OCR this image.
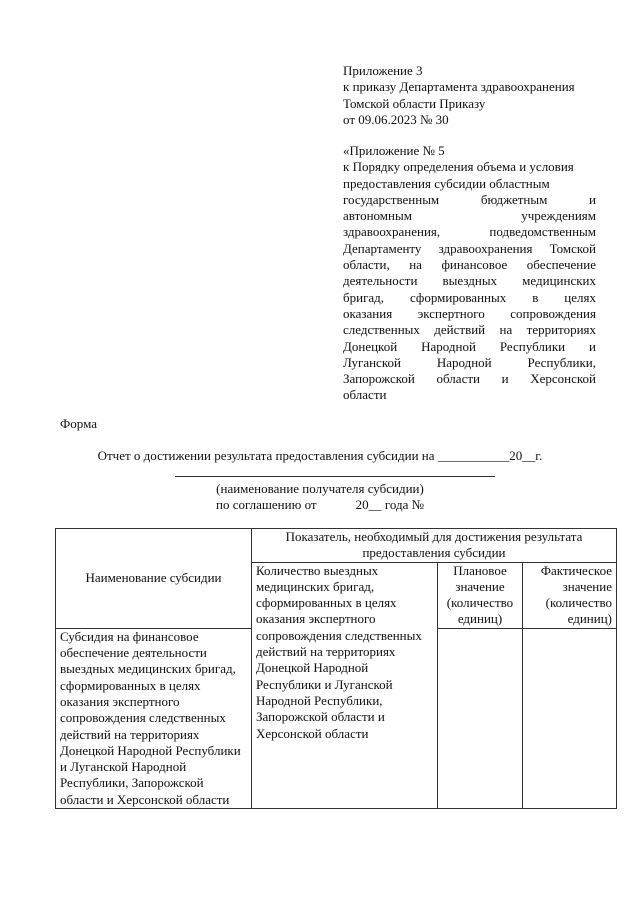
Приложение 3
к приказу Департамента здравоохранения
Томской области Приказу
от 09.06.2023 № 30
«Приложение № 5
к Порядку определения объема и условия
предоставления субсидии областным
государственным бюджетным и
автономным учреждениям
здравоохранения, подведомственным
Департаменту здравоохранения Томской
области, на финансовое обеспечение
деятельности выездных медицинских
бригад, сформированных в целях
оказания экспертного сопровождения
следственных действий на территориях
Донецкой Народной Республики и
Луганской Народной Республики,
Запорожской области и Херсонской
области
Форма
Отчет о достижении результата предоставления субсидии на ___________20__г.
(наименование получателя субсидии)
по соглашению от            20__ года №
Наименование субсидии	Показатель, необходимый для достижения результата предоставления субсидии		
	Количество выездных медицинских бригад, сформированных в целях оказания экспертного сопровождения следственных действий на территориях Донецкой Народной Республики и Луганской Народной Республики, Запорожской области и Херсонской области	Плановое значение (количество единиц)	Фактическое значение (количество единиц)
Субсидия на финансовое обеспечение деятельности выездных медицинских бригад, сформированных в целях оказания экспертного сопровождения следственных действий на территориях Донецкой Народной Республики и Луганской Народной Республики, Запорожской области и Херсонской области			
